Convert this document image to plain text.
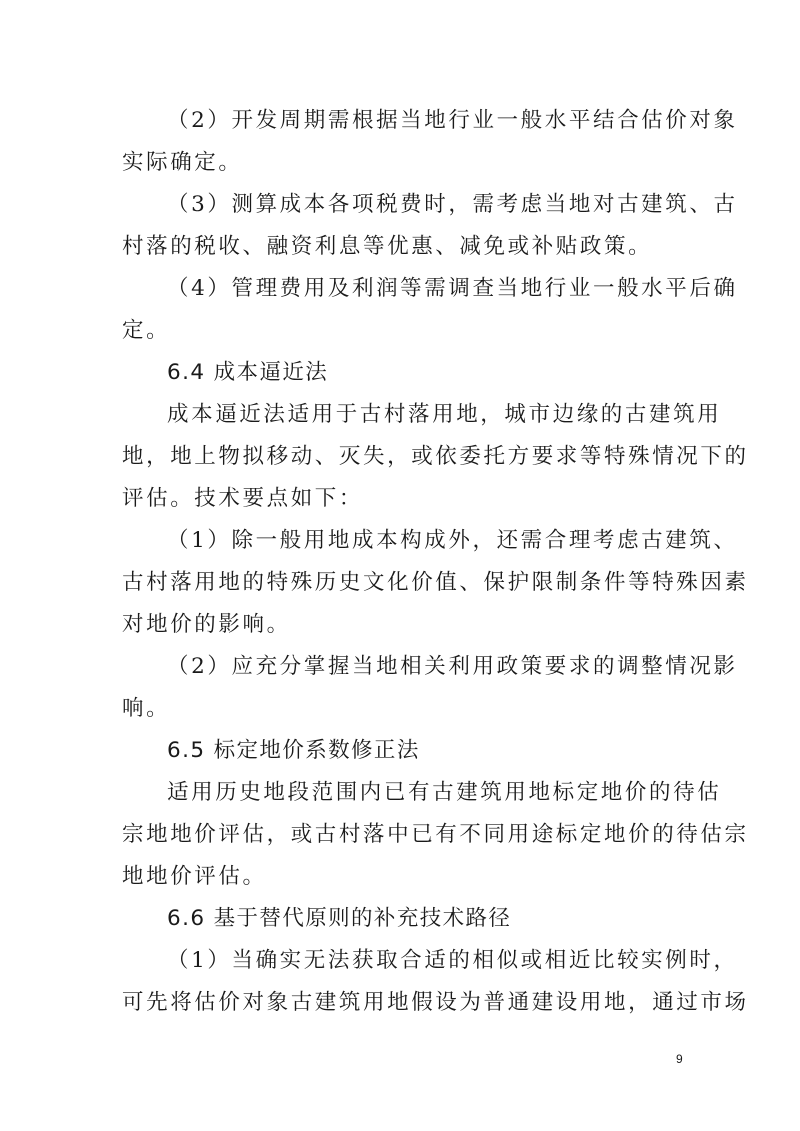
（2）开发周期需根据当地行业一般水平结合估价对象
实际确定。
（3）测算成本各项税费时，需考虑当地对古建筑、古
村落的税收、融资利息等优惠、减免或补贴政策。
（4）管理费用及利润等需调查当地行业一般水平后确
定。
6.4 成本逼近法
成本逼近法适用于古村落用地，城市边缘的古建筑用
地，地上物拟移动、灭失，或依委托方要求等特殊情况下的
评估。技术要点如下：
（1）除一般用地成本构成外，还需合理考虑古建筑、
古村落用地的特殊历史文化价值、保护限制条件等特殊因素
对地价的影响。
（2）应充分掌握当地相关利用政策要求的调整情况影
响。
6.5 标定地价系数修正法
适用历史地段范围内已有古建筑用地标定地价的待估
宗地地价评估，或古村落中已有不同用途标定地价的待估宗
地地价评估。
6.6 基于替代原则的补充技术路径
（1）当确实无法获取合适的相似或相近比较实例时，
可先将估价对象古建筑用地假设为普通建设用地，通过市场
9
